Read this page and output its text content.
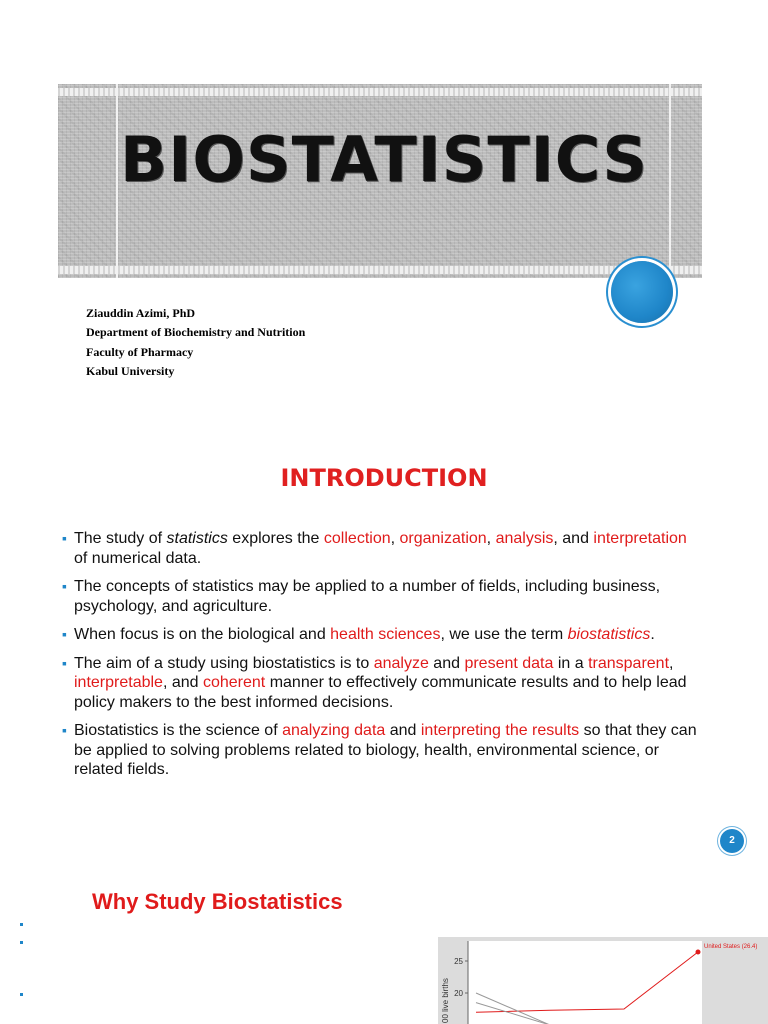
BIOSTATISTICS
Ziauddin Azimi, PhD
Department of Biochemistry and Nutrition
Faculty of Pharmacy
Kabul University
INTRODUCTION
▪ The study of statistics explores the collection, organization, analysis, and interpretation of numerical data.
▪ The concepts of statistics may be applied to a number of fields, including business, psychology, and agriculture.
▪ When focus is on the biological and health sciences, we use the term biostatistics.
▪ The aim of a study using biostatistics is to analyze and present data in a transparent, interpretable, and coherent manner to effectively communicate results and to help lead policy makers to the best informed decisions.
▪ Biostatistics is the science of analyzing data and interpreting the results so that they can be applied to solving problems related to biology, health, environmental science, or related fields.
2
Why Study Biostatistics
25
20
00 live births
United States (26.4)
